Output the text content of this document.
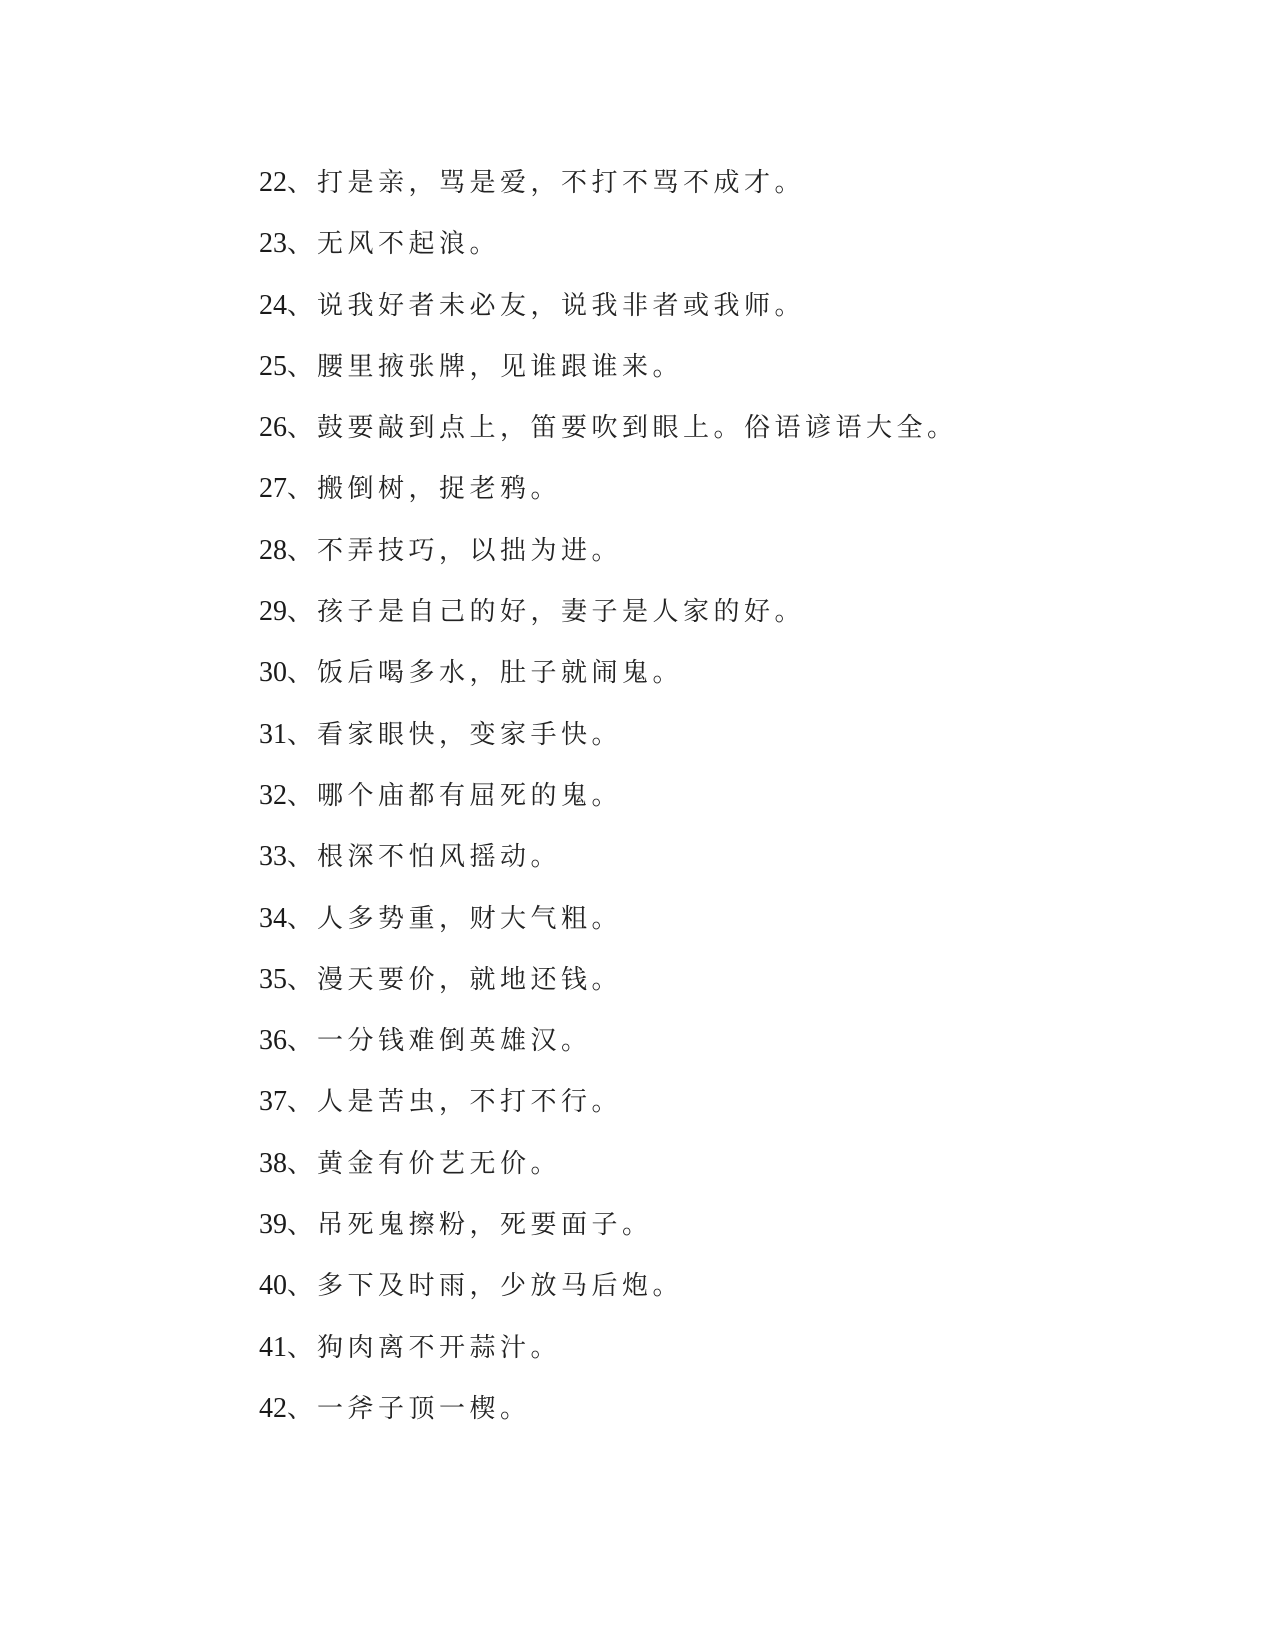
22、打是亲，骂是爱，不打不骂不成才。
23、无风不起浪。
24、说我好者未必友，说我非者或我师。
25、腰里掖张牌，见谁跟谁来。
26、鼓要敲到点上，笛要吹到眼上。俗语谚语大全。
27、搬倒树，捉老鸦。
28、不弄技巧，以拙为进。
29、孩子是自己的好，妻子是人家的好。
30、饭后喝多水，肚子就闹鬼。
31、看家眼快，变家手快。
32、哪个庙都有屈死的鬼。
33、根深不怕风摇动。
34、人多势重，财大气粗。
35、漫天要价，就地还钱。
36、一分钱难倒英雄汉。
37、人是苦虫，不打不行。
38、黄金有价艺无价。
39、吊死鬼擦粉，死要面子。
40、多下及时雨，少放马后炮。
41、狗肉离不开蒜汁。
42、一斧子顶一楔。
